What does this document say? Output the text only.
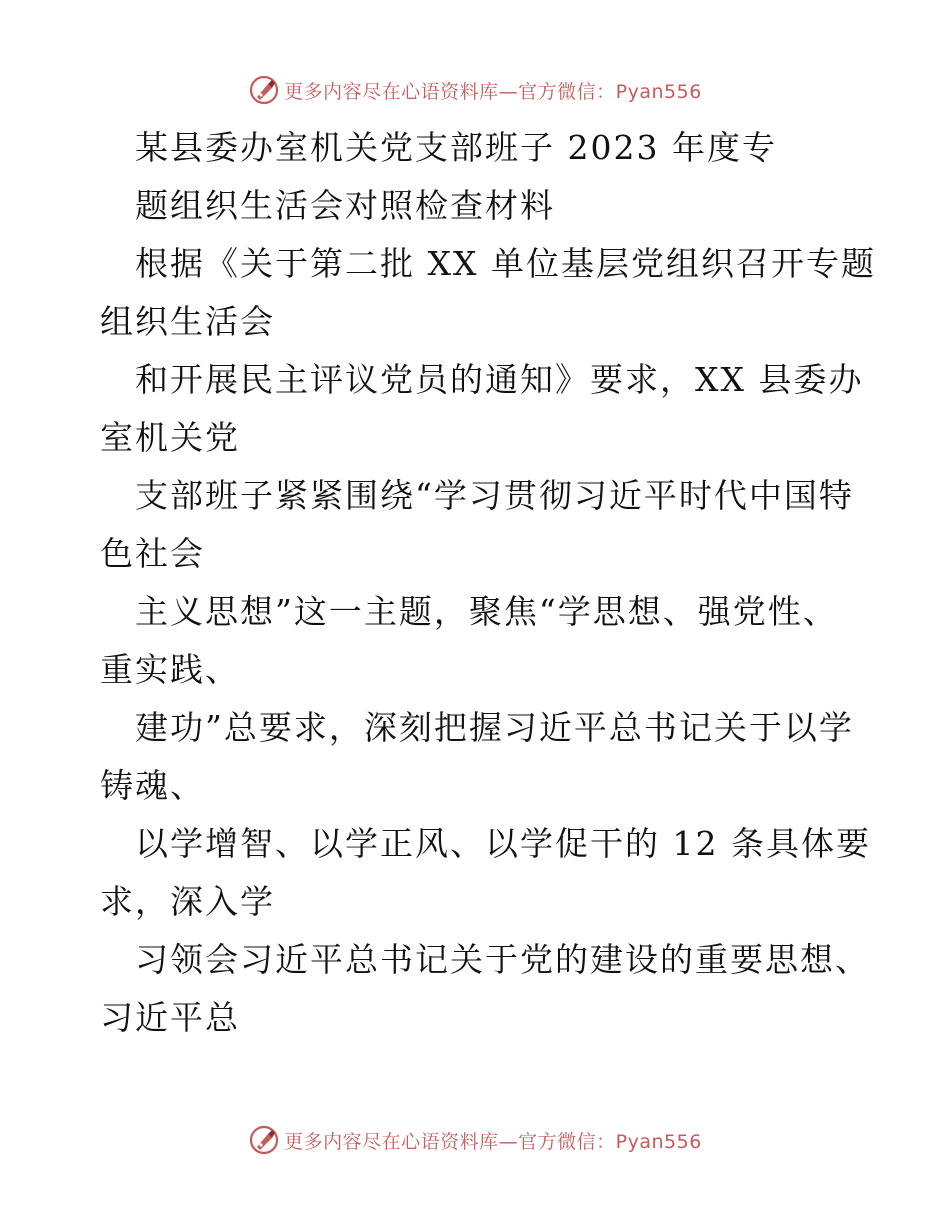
更多内容尽在心语资料库—官方微信：Pyan556
某县委办室机关党支部班子 2023 年度专
题组织生活会对照检查材料
根据《关于第二批 XX 单位基层党组织召开专题
组织生活会
和开展民主评议党员的通知》要求，XX 县委办
室机关党
支部班子紧紧围绕“学习贯彻习近平时代中国特
色社会
主义思想”这一主题，聚焦“学思想、强党性、
重实践、
建功”总要求，深刻把握习近平总书记关于以学
铸魂、
以学增智、以学正风、以学促干的 12 条具体要
求，深入学
习领会习近平总书记关于党的建设的重要思想、
习近平总
更多内容尽在心语资料库—官方微信：Pyan556
